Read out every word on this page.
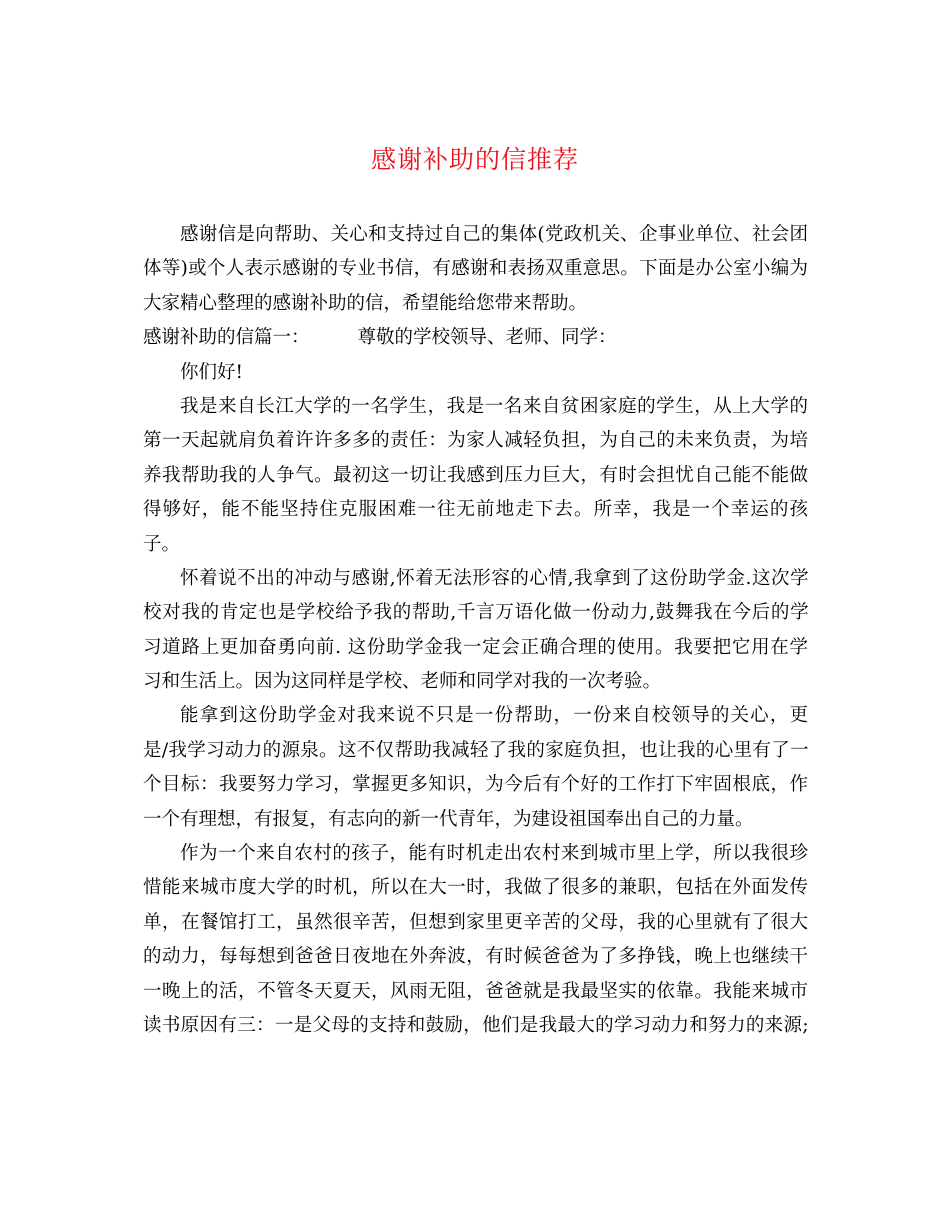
感谢补助的信推荐
感谢信是向帮助、关心和支持过自己的集体(党政机关、企事业单位、社会团
体等)或个人表示感谢的专业书信，有感谢和表扬双重意思。下面是办公室小编为
大家精心整理的感谢补助的信，希望能给您带来帮助。
感谢补助的信篇一：	尊敬的学校领导、老师、同学：
你们好!
我是来自长江大学的一名学生，我是一名来自贫困家庭的学生，从上大学的
第一天起就肩负着许许多多的责任：为家人减轻负担，为自己的未来负责，为培
养我帮助我的人争气。最初这一切让我感到压力巨大，有时会担忧自己能不能做
得够好，能不能坚持住克服困难一往无前地走下去。所幸，我是一个幸运的孩
子。
怀着说不出的冲动与感谢,怀着无法形容的心情,我拿到了这份助学金.这次学
校对我的肯定也是学校给予我的帮助,千言万语化做一份动力,鼓舞我在今后的学
习道路上更加奋勇向前. 这份助学金我一定会正确合理的使用。我要把它用在学
习和生活上。因为这同样是学校、老师和同学对我的一次考验。
能拿到这份助学金对我来说不只是一份帮助，一份来自校领导的关心，更
是/我学习动力的源泉。这不仅帮助我减轻了我的家庭负担，也让我的心里有了一
个目标：我要努力学习，掌握更多知识，为今后有个好的工作打下牢固根底，作
一个有理想，有报复，有志向的新一代青年，为建设祖国奉出自己的力量。
作为一个来自农村的孩子，能有时机走出农村来到城市里上学，所以我很珍
惜能来城市度大学的时机，所以在大一时，我做了很多的兼职，包括在外面发传
单，在餐馆打工，虽然很辛苦，但想到家里更辛苦的父母，我的心里就有了很大
的动力，每每想到爸爸日夜地在外奔波，有时候爸爸为了多挣钱，晚上也继续干
一晚上的活，不管冬天夏天，风雨无阻，爸爸就是我最坚实的依靠。我能来城市
读书原因有三：一是父母的支持和鼓励，他们是我最大的学习动力和努力的来源;
